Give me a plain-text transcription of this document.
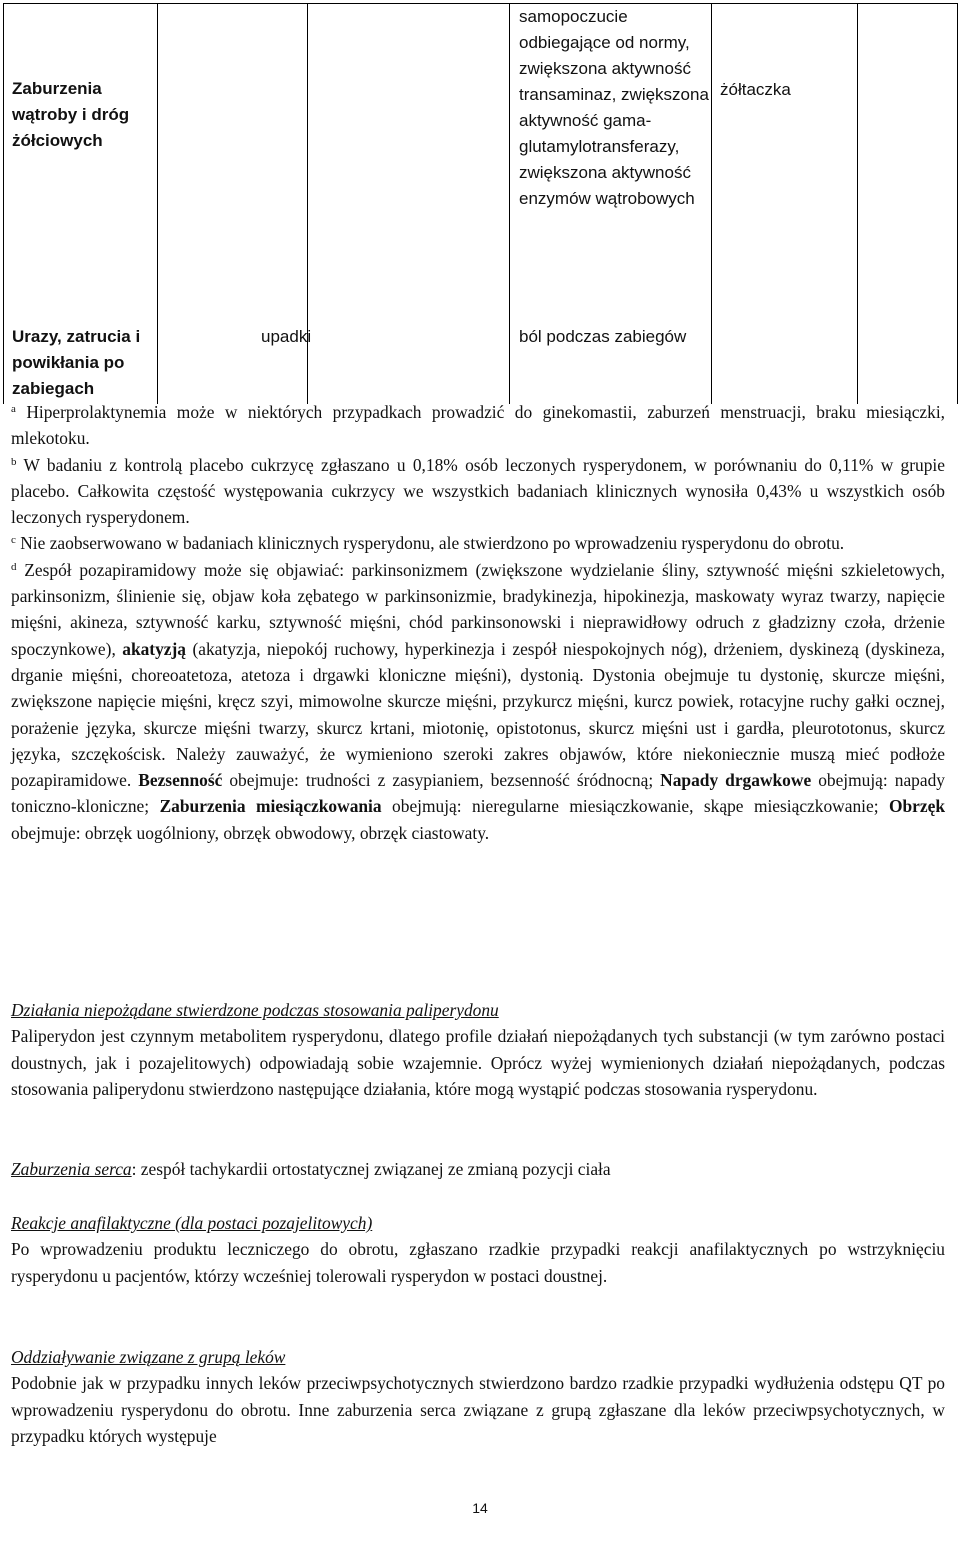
Zaburzenia wątroby i dróg żółciowych
samopoczucie odbiegające od normy, zwiększona aktywność transaminaz, zwiększona aktywność gama-glutamylotransferazy, zwiększona aktywność enzymów wątrobowych
żółtaczka
Urazy, zatrucia i powikłania po zabiegach
upadki	ból podczas zabiegów

$^a$ Hiperprolaktynemia może w niektórych przypadkach prowadzić do ginekomastii, zaburzeń menstruacji, braku miesiączki, mlekotoku.

$^b$ W badaniu z kontrolą placebo cukrzycę zgłaszano u 0,18% osób leczonych rysperydonem, w porównaniu do 0,11% w grupie placebo. Całkowita częstość występowania cukrzycy we wszystkich badaniach klinicznych wynosiła 0,43% u wszystkich osób leczonych rysperydonem.

$^c$ Nie zaobserwowano w badaniach klinicznych rysperydonu, ale stwierdzono po wprowadzeniu rysperydonu do obrotu.

$^d$ Zespół pozapiramidowy może się objawiać: parkinsonizmem (zwiększone wydzielanie śliny, sztywność mięśni szkieletowych, parkinsonizm, ślinienie się, objaw koła zębatego w parkinsonizmie, bradykinezja, hipokinezja, maskowaty wyraz twarzy, napięcie mięśni, akineza, sztywność karku, sztywność mięśni, chód parkinsonowski i nieprawidłowy odruch z gładzizny czoła, drżenie spoczynkowe), akatyzją (akatyzja, niepokój ruchowy, hyperkinezja i zespół niespokojnych nóg), drżeniem, dyskinezą (dyskineza, drganie mięśni, choreoatetoza, atetoza i drgawki kloniczne mięśni), dystonią. Dystonia obejmuje tu dystonię, skurcze mięśni, zwiększone napięcie mięśni, kręcz szyi, mimowolne skurcze mięśni, przykurcz mięśni, kurcz powiek, rotacyjne ruchy gałki ocznej, porażenie języka, skurcze mięśni twarzy, skurcz krtani, miotonię, opistotonus, skurcz mięśni ust i gardła, pleurototonus, skurcz języka, szczękościsk. Należy zauważyć, że wymieniono szeroki zakres objawów, które niekoniecznie muszą mieć podłoże pozapiramidowe. Bezsenność obejmuje: trudności z zasypianiem, bezsenność śródnocną; Napady drgawkowe obejmują: napady toniczno-kloniczne; Zaburzenia miesiączkowania obejmują: nieregularne miesiączkowanie, skąpe miesiączkowanie; Obrzęk obejmuje: obrzęk uogólniony, obrzęk obwodowy, obrzęk ciastowaty.

Działania niepożądane stwierdzone podczas stosowania paliperydonu

Paliperydon jest czynnym metabolitem rysperydonu, dlatego profile działań niepożądanych tych substancji (w tym zarówno postaci doustnych, jak i pozajelitowych) odpowiadają sobie wzajemnie. Oprócz wyżej wymienionych działań niepożądanych, podczas stosowania paliperydonu stwierdzono następujące działania, które mogą wystąpić podczas stosowania rysperydonu.

Zaburzenia serca: zespół tachykardii ortostatycznej związanej ze zmianą pozycji ciała

Reakcje anafilaktyczne (dla postaci pozajelitowych)

Po wprowadzeniu produktu leczniczego do obrotu, zgłaszano rzadkie przypadki reakcji anafilaktycznych po wstrzyknięciu rysperydonu u pacjentów, którzy wcześniej tolerowali rysperydon w postaci doustnej.

Oddziaływanie związane z grupą leków

Podobnie jak w przypadku innych leków przeciwpsychotycznych stwierdzono bardzo rzadkie przypadki wydłużenia odstępu QT po wprowadzeniu rysperydonu do obrotu. Inne zaburzenia serca związane z grupą zgłaszane dla leków przeciwpsychotycznych, w przypadku których występuje

14
